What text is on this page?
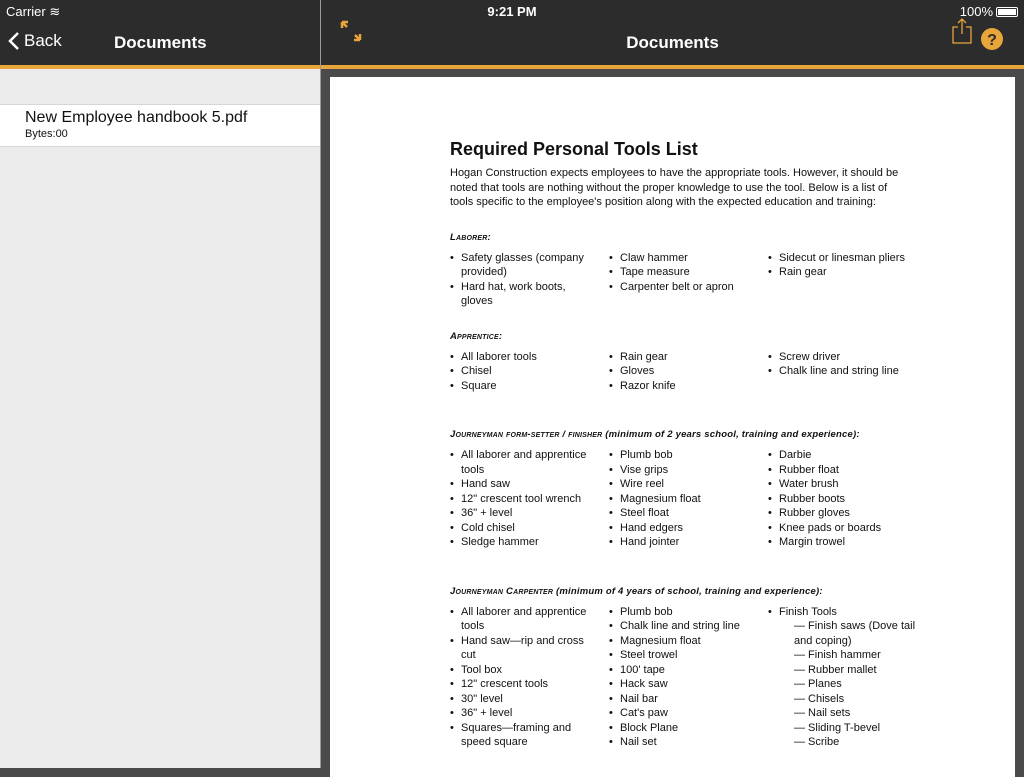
Back	Documents
New Employee handbook 5.pdf
Bytes:00
Documents	?
Required Personal Tools List

Hogan Construction expects employees to have the appropriate tools. However, it should be noted that tools are nothing without the proper knowledge to use the tool. Below is a list of tools specific to the employee's position along with the expected education and training:

Laborer:
• Safety glasses (company provided)
• Hard hat, work boots, gloves
• Claw hammer
• Tape measure
• Carpenter belt or apron
• Sidecut or linesman pliers
• Rain gear
Apprentice:
• All laborer tools
• Chisel
• Square
• Rain gear
• Gloves
• Razor knife
• Screw driver
• Chalk line and string line
Journeyman form-setter / finisher (minimum of 2 years school, training and experience):
• All laborer and apprentice tools
• Hand saw
• 12" crescent tool wrench
• 36" + level
• Cold chisel
• Sledge hammer
• Plumb bob
• Vise grips
• Wire reel
• Magnesium float
• Steel float
• Hand edgers
• Hand jointer
• Darbie
• Rubber float
• Water brush
• Rubber boots
• Rubber gloves
• Knee pads or boards
• Margin trowel
Journeyman Carpenter (minimum of 4 years of school, training and experience):
• All laborer and apprentice tools
• Hand saw—rip and cross cut
• Tool box
• 12" crescent tools
• 30" level
• 36" + level
• Squares—framing and speed square
• Plumb bob
• Chalk line and string line
• Magnesium float
• Steel trowel
• 100' tape
• Hack saw
• Nail bar
• Cat's paw
• Block Plane
• Nail set
• Finish Tools
— Finish saws (Dove tail and coping)
— Finish hammer
— Rubber mallet
— Planes
— Chisels
— Nail sets
— Sliding T-bevel
— Scribe
Carrier ≋	9:21 PM	100%
